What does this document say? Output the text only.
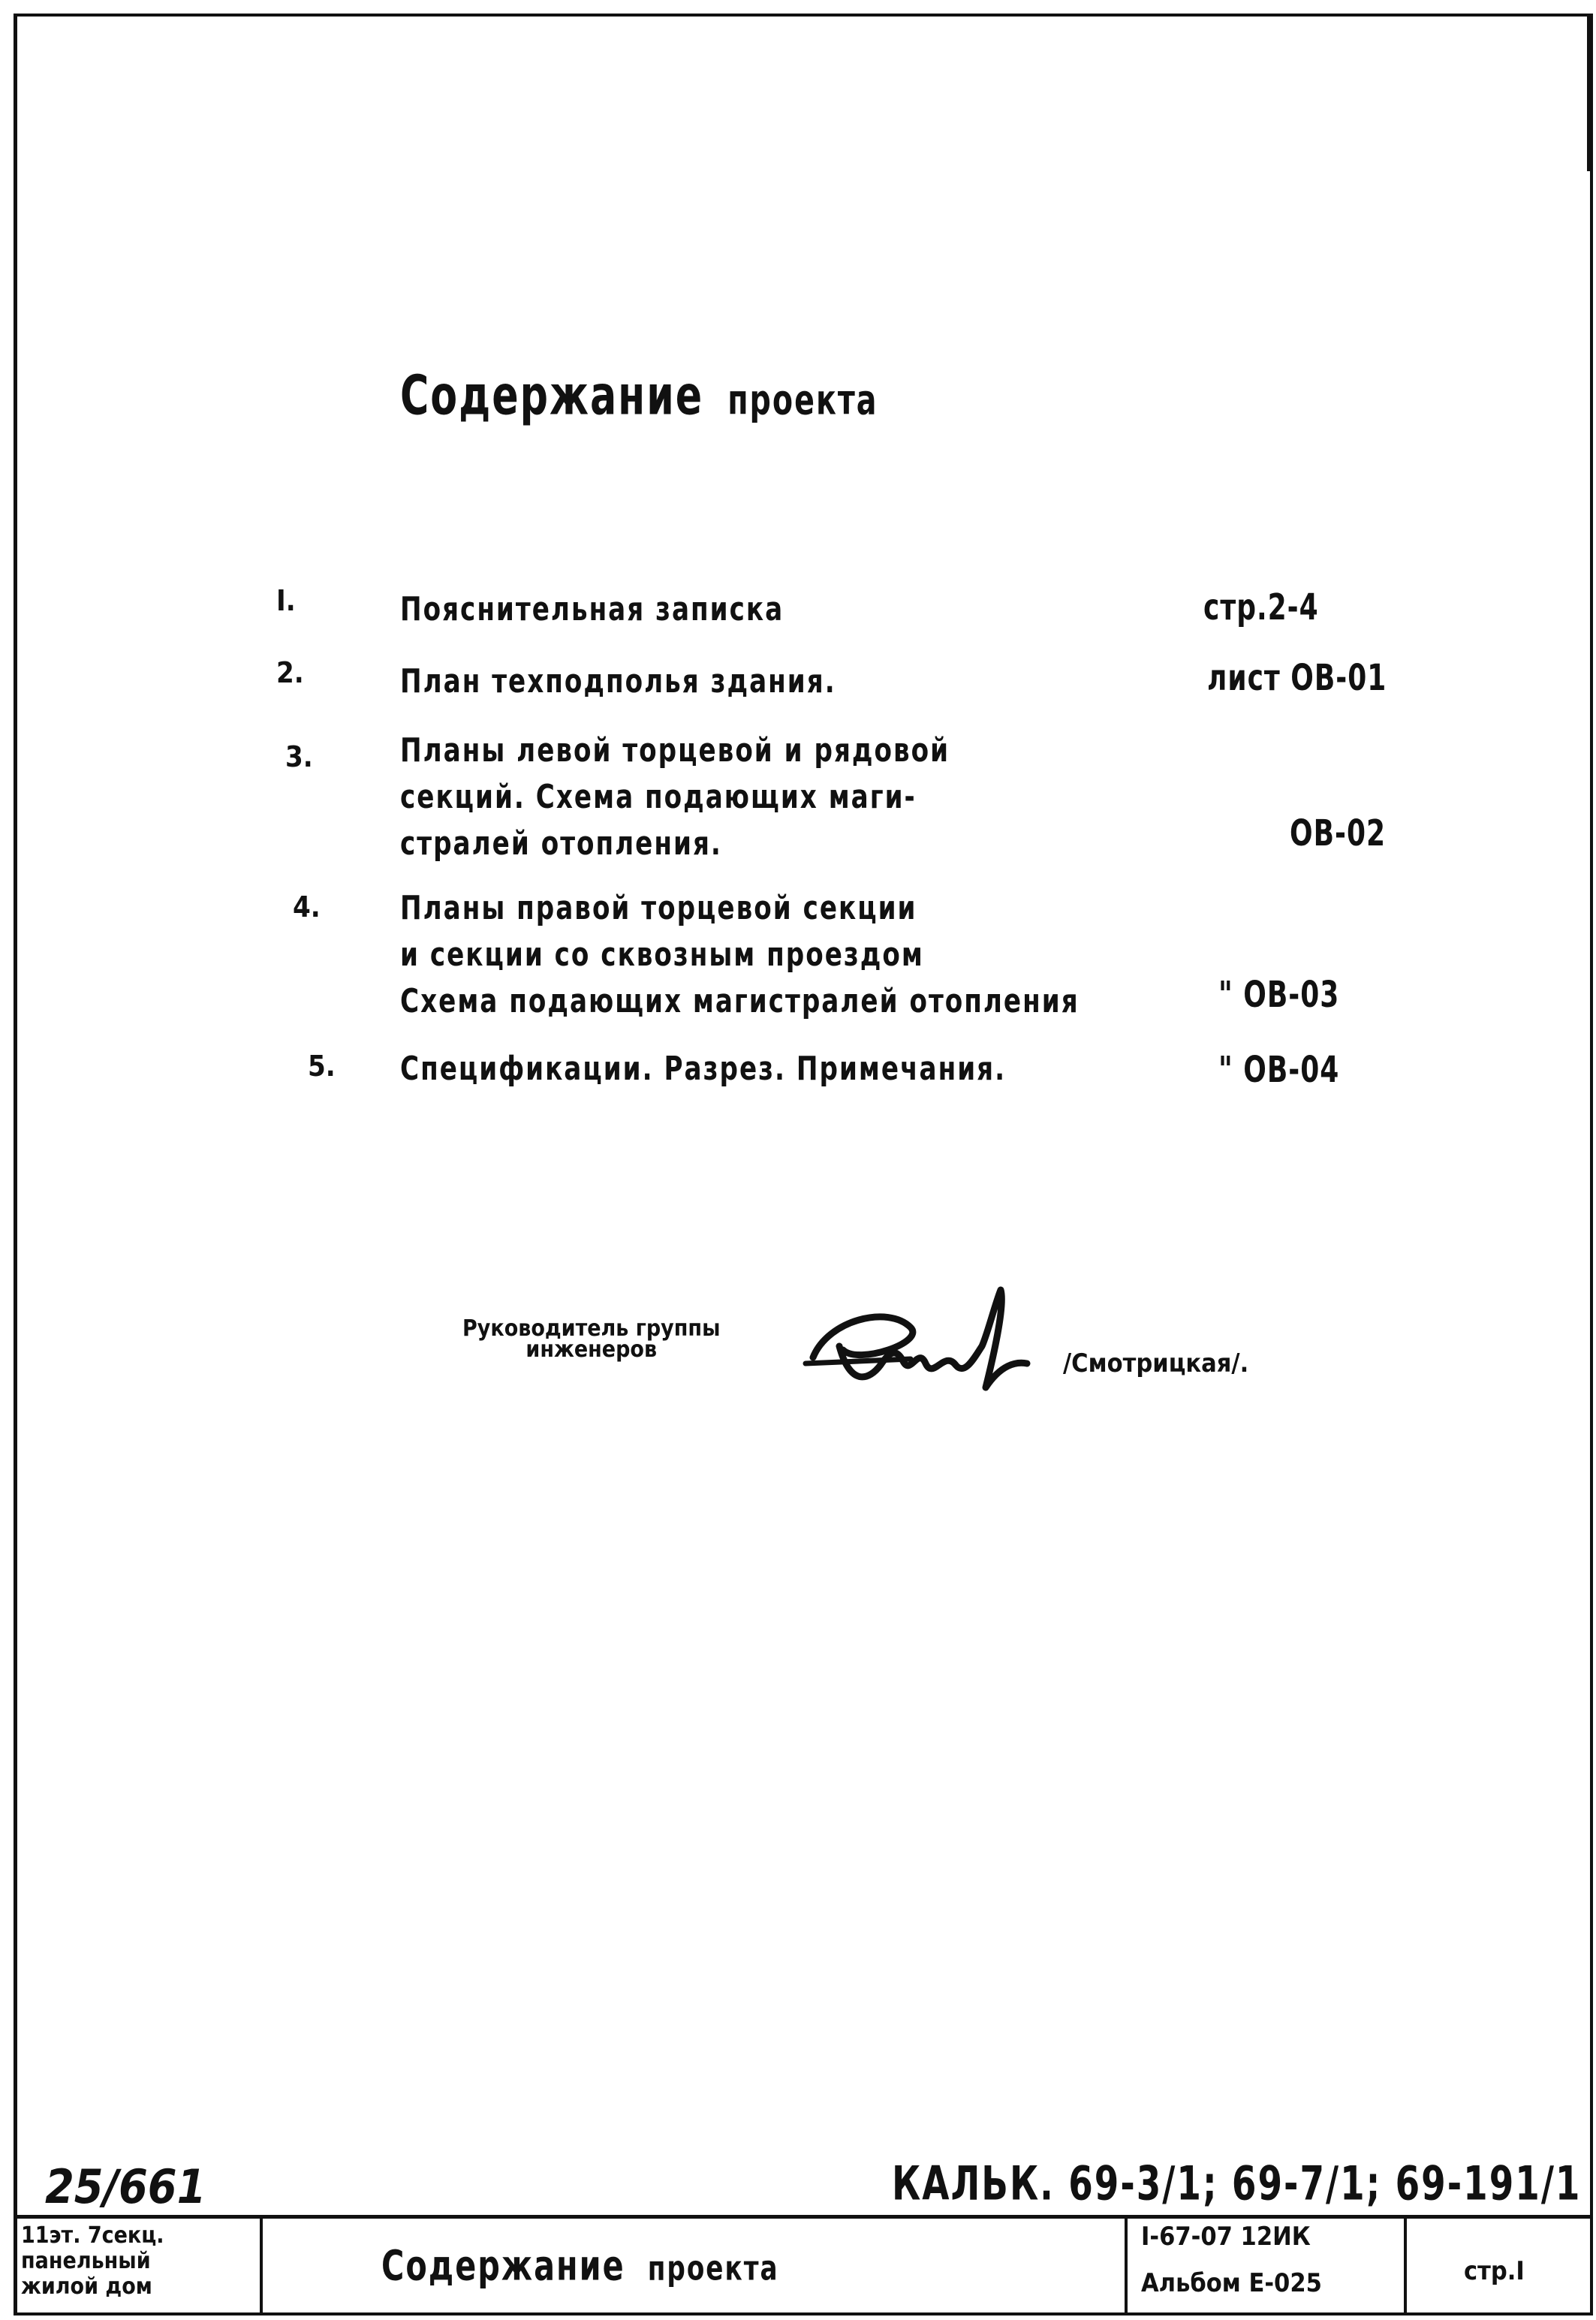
Содержание проекта
I.	Пояснительная записка	стр.2-4
2.	План техподполья здания.	лист ОВ-01
3.	Планы левой торцевой и рядовой
секций. Схема подающих маги-
стралей отопления.	ОВ-02
4.	Планы правой торцевой секции
и секции со сквозным проездом
Схема подающих магистралей отопления	" ОВ-03
5. Спецификации. Разрез. Примечания.	" ОВ-04
Руководитель группы
инженеров	/Смотрицкая/.
25/661	КАЛЬК. 69-3/1; 69-7/1; 69-191/1
11эт. 7секц.
панельный
жилой дом	Содержание проекта
I-67-07 12ИК
Альбом Е-025	стр.I
